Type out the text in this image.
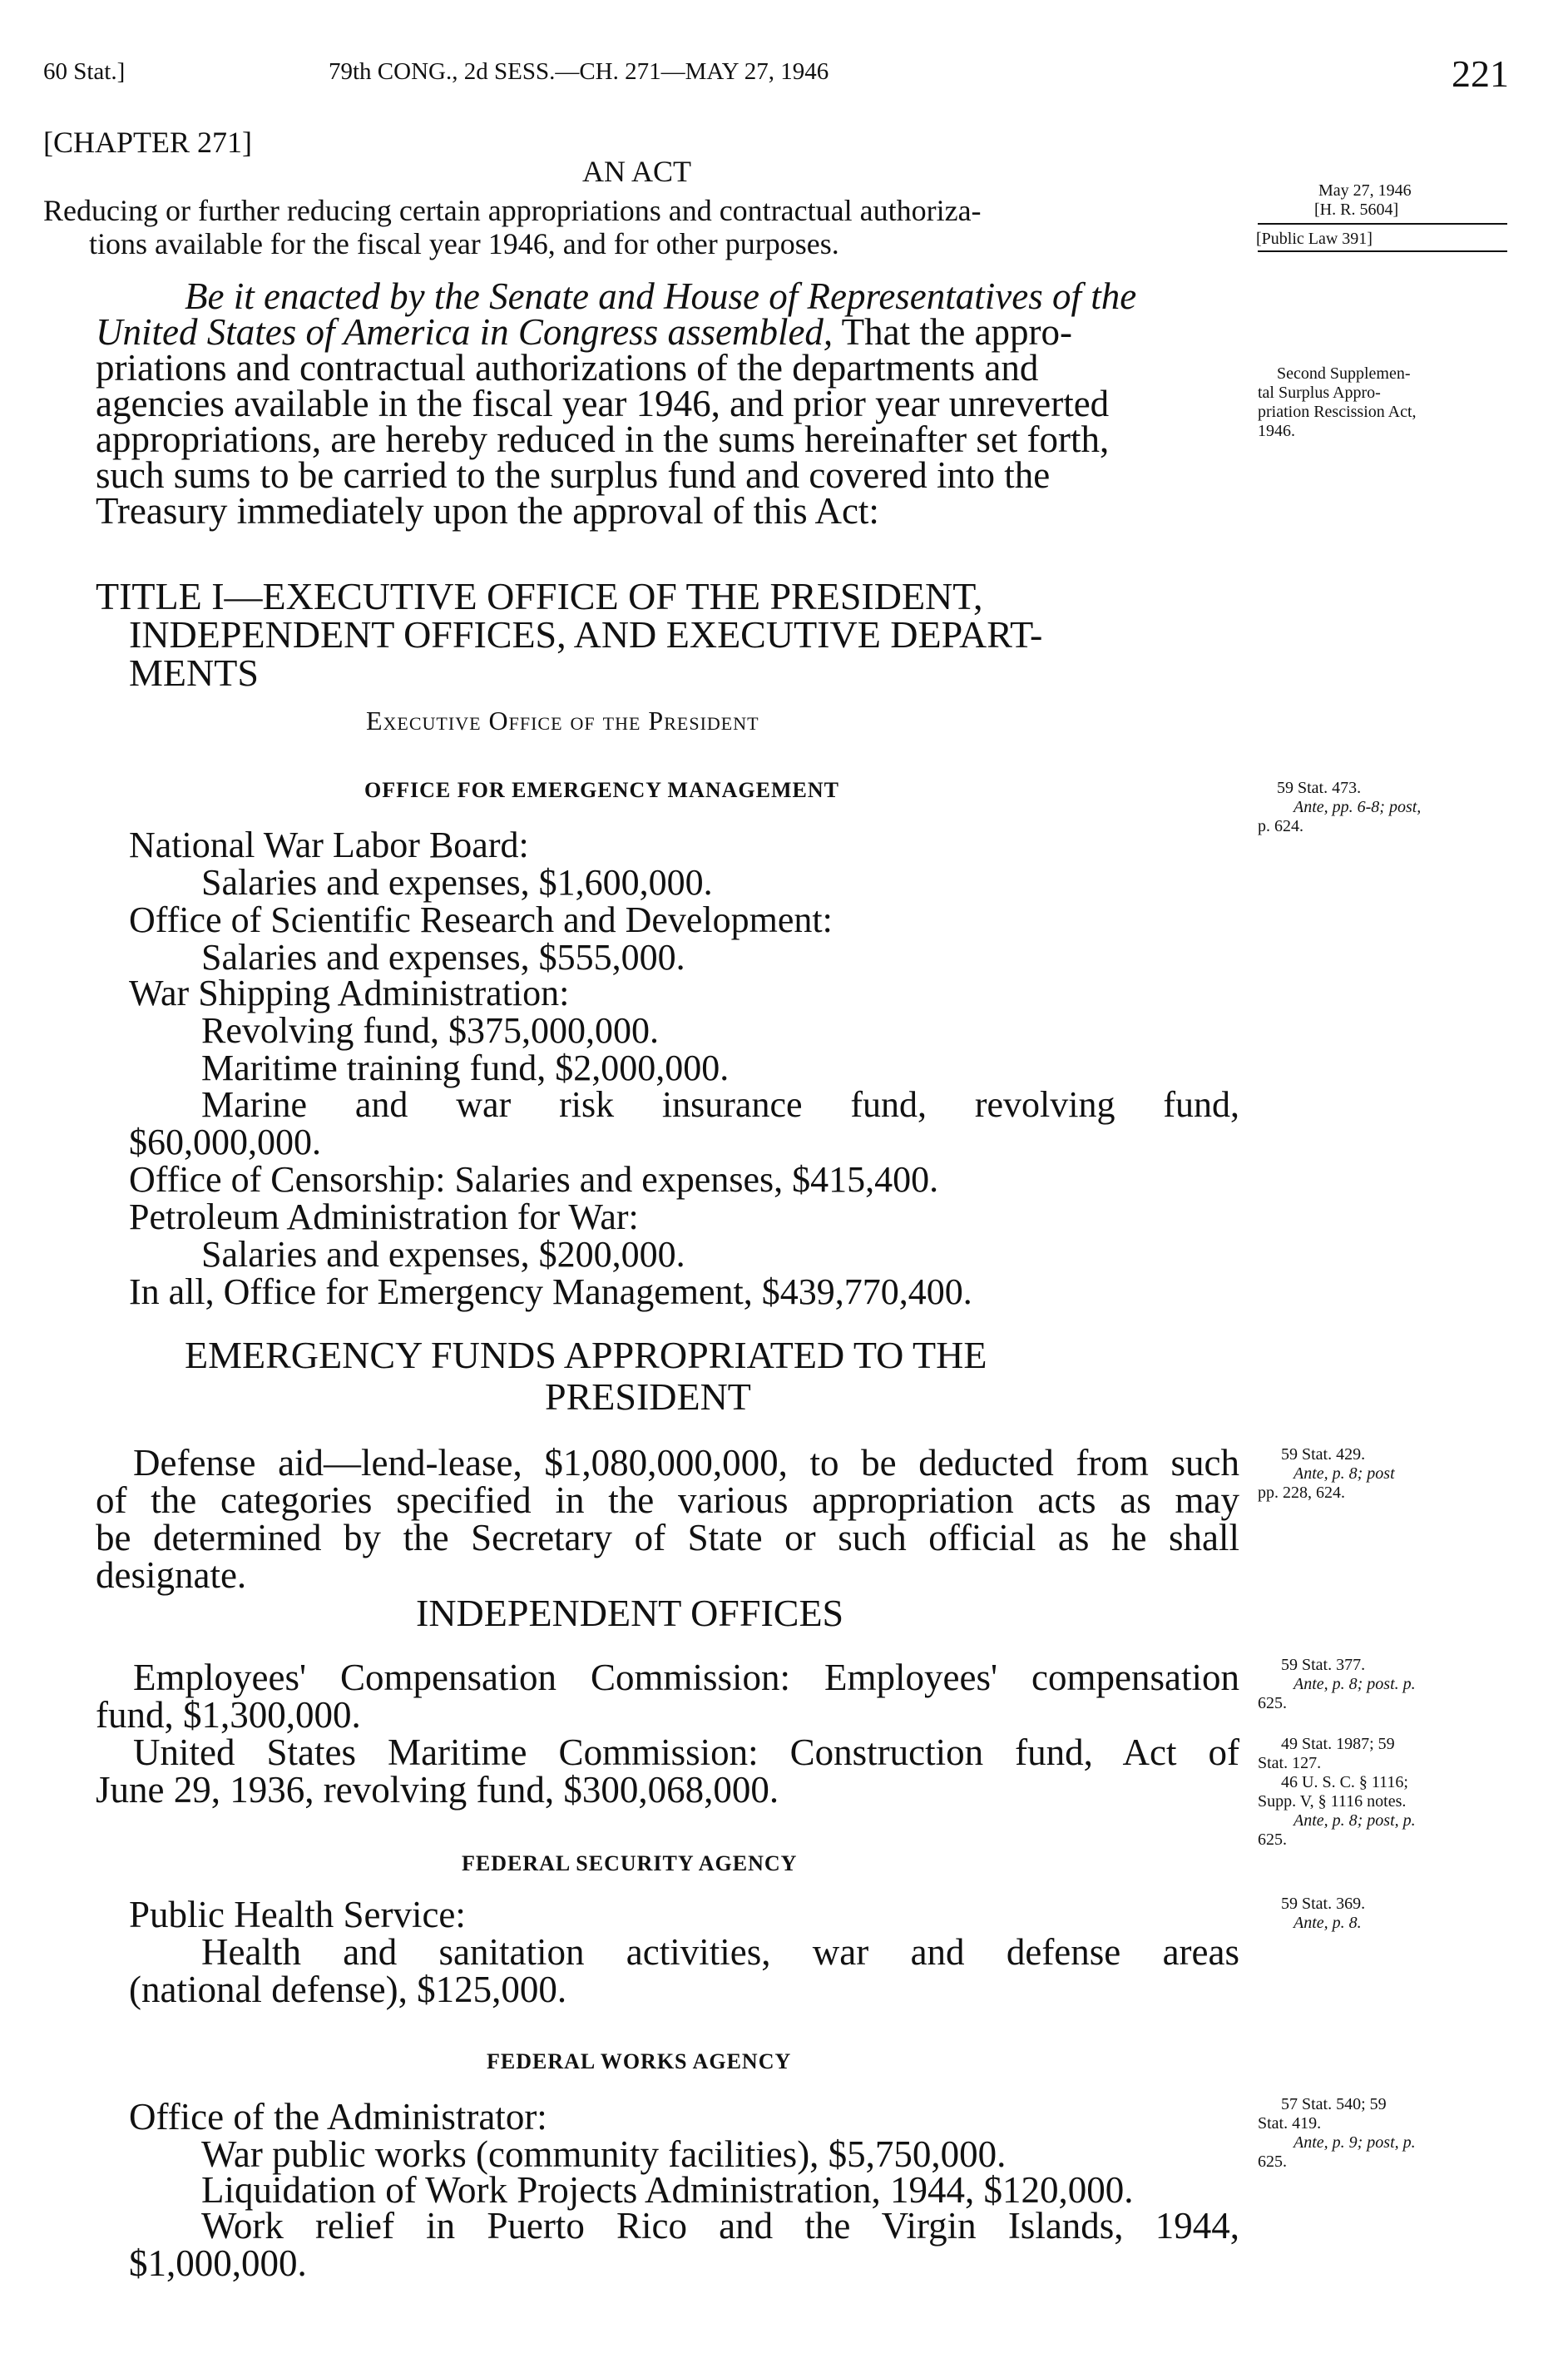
60 Stat.]	79th CONG., 2d SESS.—CH. 271—MAY 27, 1946	221
[CHAPTER 271]
AN ACT
Reducing or further reducing certain appropriations and contractual authoriza-
tions available for the fiscal year 1946, and for other purposes.
May 27, 1946
[H. R. 5604]
[Public Law 391]
Be it enacted by the Senate and House of Representatives of the
United States of America in Congress assembled, That the appro-
priations and contractual authorizations of the departments and
agencies available in the fiscal year 1946, and prior year unreverted
appropriations, are hereby reduced in the sums hereinafter set forth,
such sums to be carried to the surplus fund and covered into the
Treasury immediately upon the approval of this Act:
Second Supplemen-
tal Surplus Appro-
priation Rescission Act,
1946.
TITLE I—EXECUTIVE OFFICE OF THE PRESIDENT,
INDEPENDENT OFFICES, AND EXECUTIVE DEPART-
MENTS
Executive Office of the President
OFFICE FOR EMERGENCY MANAGEMENT	59 Stat. 473.
Ante, pp. 6-8; post,
p. 624.
National War Labor Board:
Salaries and expenses, $1,600,000.
Office of Scientific Research and Development:
Salaries and expenses, $555,000.
War Shipping Administration:
Revolving fund, $375,000,000.
Maritime training fund, $2,000,000.
Marine and war risk insurance fund, revolving fund,
$60,000,000.
Office of Censorship: Salaries and expenses, $415,400.
Petroleum Administration for War:
Salaries and expenses, $200,000.
In all, Office for Emergency Management, $439,770,400.
EMERGENCY FUNDS APPROPRIATED TO THE
PRESIDENT
Defense aid—lend-lease, $1,080,000,000, to be deducted from such
of the categories specified in the various appropriation acts as may
be determined by the Secretary of State or such official as he shall
designate.
59 Stat. 429.
Ante, p. 8; post
pp. 228, 624.
INDEPENDENT OFFICES
Employees' Compensation Commission: Employees' compensation
fund, $1,300,000.
United States Maritime Commission: Construction fund, Act of
June 29, 1936, revolving fund, $300,068,000.
59 Stat. 377.
Ante, p. 8; post. p.
625.
49 Stat. 1987; 59
Stat. 127.
46 U. S. C. § 1116;
Supp. V, § 1116 notes.
Ante, p. 8; post, p.
625.
FEDERAL SECURITY AGENCY
Public Health Service:
Health and sanitation activities, war and defense areas
(national defense), $125,000.
59 Stat. 369.
Ante, p. 8.
FEDERAL WORKS AGENCY
Office of the Administrator:
War public works (community facilities), $5,750,000.
Liquidation of Work Projects Administration, 1944, $120,000.
Work relief in Puerto Rico and the Virgin Islands, 1944,
$1,000,000.
57 Stat. 540; 59
Stat. 419.
Ante, p. 9; post, p.
625.
